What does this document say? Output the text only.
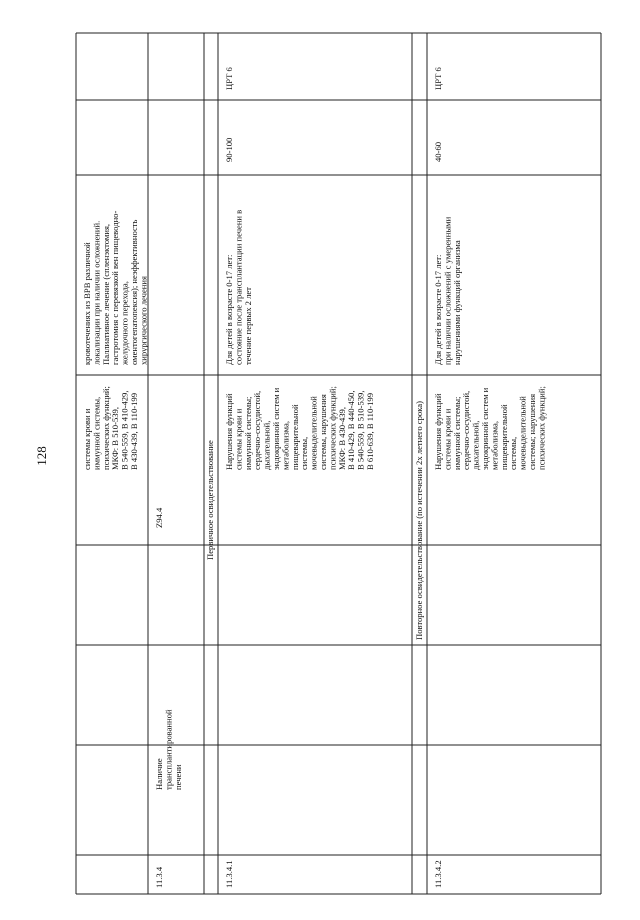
128	системы крови и иммунной системы, психических функций; МКФ: В 510-539, В 540-559, В 410-429, В 430-439, В 110-199
кровотечениях из ВРВ различной локализации при наличии осложнений. Паллиативное лечение (спленэктомия, гастротомия с перевязкой вен пищеводно- желудочного перехода, оментогепатопексия); неэффективность хирургического лечения
11.3.4
Наличие трансплантированной печени
Z94.4	Первичное освидетельствование
11.3.4.1
Нарушения функций системы крови и иммунной системы; сердечно-сосудистой, дыхательной, эндокринной систем и метаболизма, пищеварительной системы, мочевыделительной системы, нарушения психических функций; МКФ: В 430-439, В 410-429, В 440-450, В 540-559, В 510-539, В 610-639, В 110-199
Для детей в возрасте 0-17 лет: состояние после трансплантации печени в течение первых 2 лет
90-100
ЦРТ 6
Повторное освидетельствование (по истечении 2х летнего срока)
11.3.4.2
Нарушения функций системы крови и иммунной системы; сердечно-сосудистой, дыхательной, эндокринной систем и метаболизма, пищеварительной системы, мочевыделительной системы; нарушения психических функций;
Для детей в возрасте 0-17 лет: при наличии осложнений с умеренными нарушениями функций организма
40-60
ЦРТ 6
